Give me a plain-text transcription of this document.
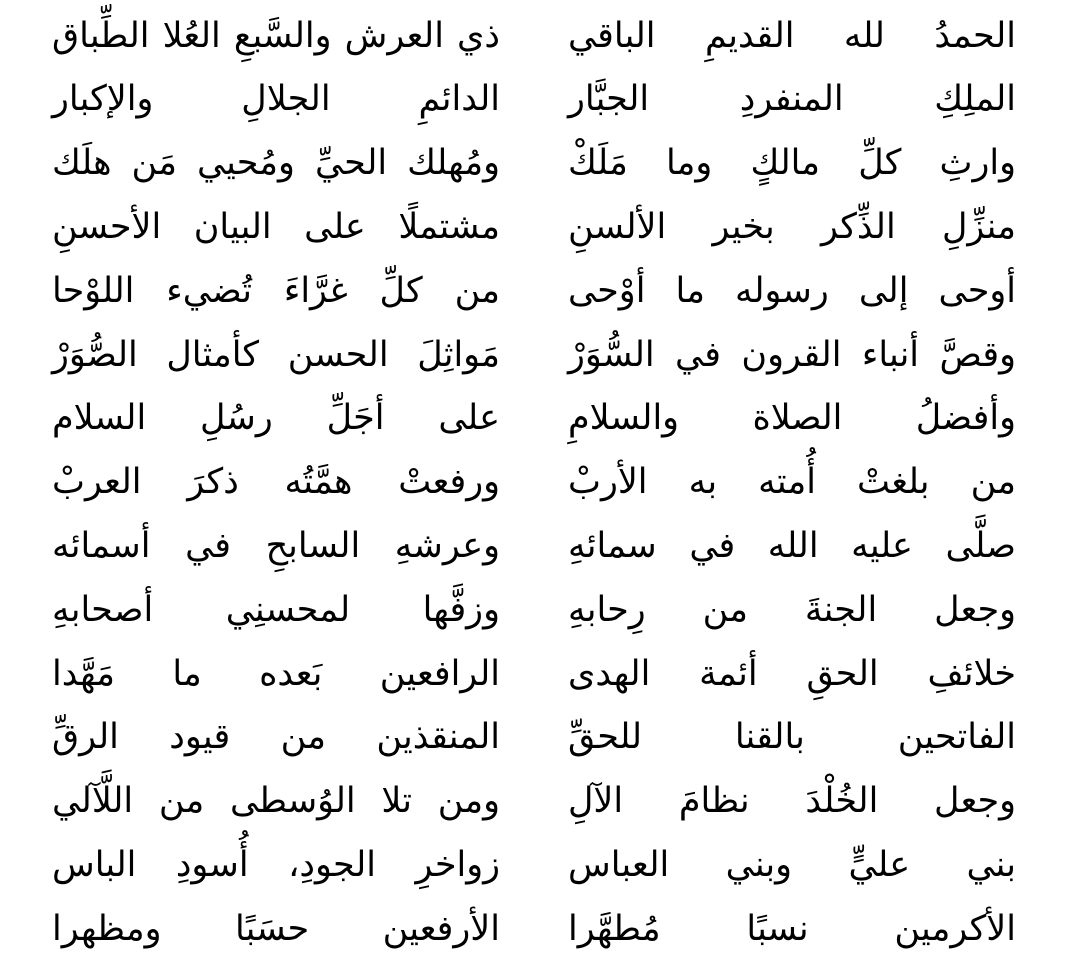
الحمدُ لله القديمِ الباقي
ذي العرش والسَّبعِ العُلا الطِّباق
الملِكِ المنفردِ الجبَّار
الدائمِ الجلالِ والإكبار
وارثِ كلِّ مالكٍ وما مَلَكْ
ومُهلك الحيِّ ومُحيي مَن هلَك
منزِّلِ الذِّكر بخير الألسنِ
مشتملًا على البيان الأحسنِ
أوحى إلى رسوله ما أوْحى
من كلِّ غرَّاءَ تُضيء اللوْحا
وقصَّ أنباء القرون في السُّوَرْ
مَواثِلَ الحسن كأمثال الصُّوَرْ
وأفضلُ الصلاة والسلامِ
على أجَلِّ رسُلِ السلام
من بلغتْ أُمته به الأربْ
ورفعتْ همَّتُه ذكرَ العربْ
صلَّى عليه الله في سمائهِ
وعرشهِ السابحِ في أسمائه
وجعل الجنةَ من رِحابهِ
وزفَّها لمحسنِي أصحابهِ
خلائفِ الحقِ أئمة الهدى
الرافعين بَعده ما مَهَّدا
الفاتحين بالقنا للحقِّ
المنقذين من قيود الرقِّ
وجعل الخُلْدَ نظامَ الآلِ
ومن تلا الوُسطى من اللَّآلي
بني عليٍّ وبني العباس
زواخرِ الجودِ، أُسودِ الباس
الأكرمين نسبًا مُطهَّرا
الأرفعين حسَبًا ومظهرا
